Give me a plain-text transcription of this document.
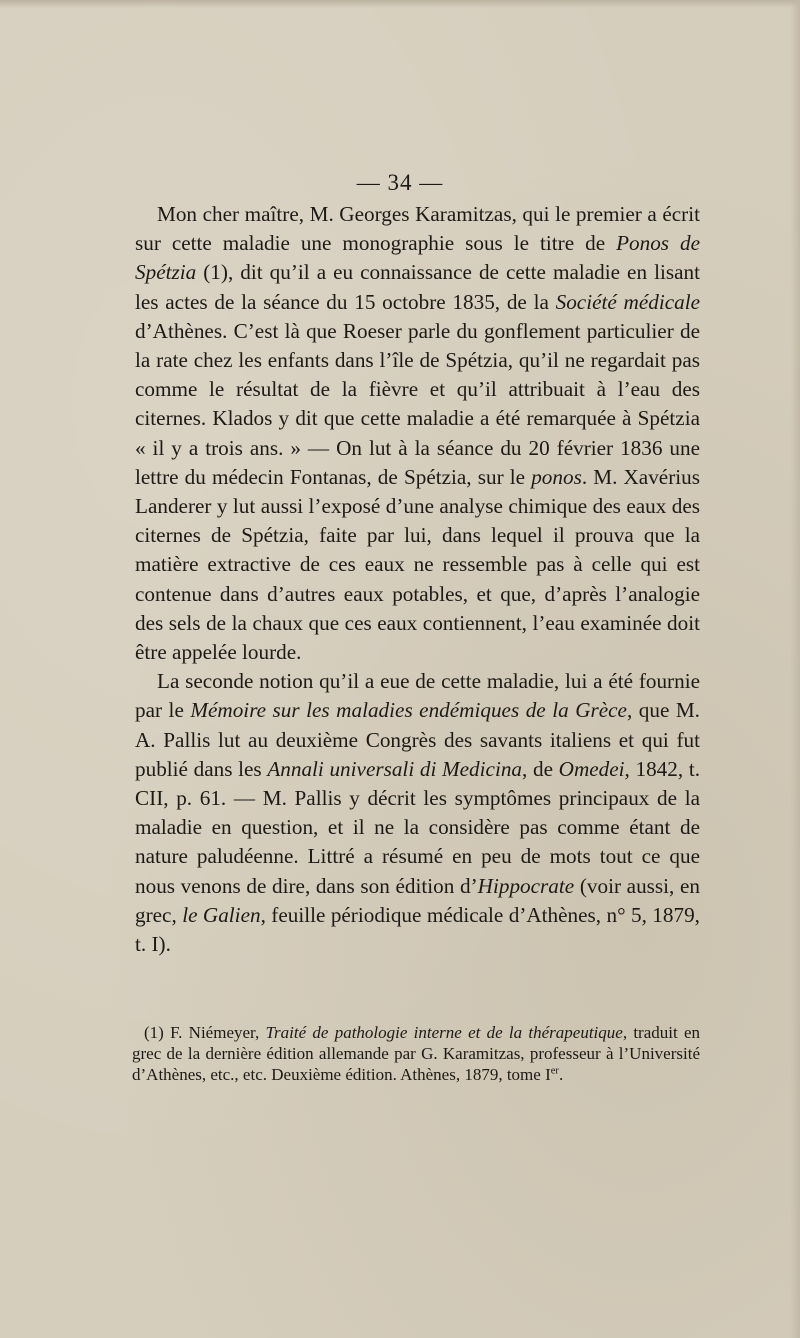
— 34 —

Mon cher maître, M. Georges Karamitzas, qui le premier a écrit sur cette maladie une monographie sous le titre de Ponos de Spétzia (1), dit qu’il a eu connaissance de cette maladie en lisant les actes de la séance du 15 octobre 1835, de la Société médicale d’Athènes. C’est là que Roeser parle du gonflement particulier de la rate chez les enfants dans l’île de Spétzia, qu’il ne regardait pas comme le résultat de la fièvre et qu’il attribuait à l’eau des citernes. Klados y dit que cette maladie a été remarquée à Spétzia « il y a trois ans. » — On lut à la séance du 20 février 1836 une lettre du médecin Fontanas, de Spétzia, sur le ponos. M. Xavérius Landerer y lut aussi l’exposé d’une analyse chimique des eaux des citernes de Spétzia, faite par lui, dans lequel il prouva que la matière extractive de ces eaux ne ressemble pas à celle qui est contenue dans d’autres eaux potables, et que, d’après l’analogie des sels de la chaux que ces eaux contiennent, l’eau examinée doit être appelée lourde.

La seconde notion qu’il a eue de cette maladie, lui a été fournie par le Mémoire sur les maladies endémiques de la Grèce, que M. A. Pallis lut au deuxième Congrès des savants italiens et qui fut publié dans les Annali universali di Medicina, de Omedei, 1842, t. CII, p. 61. — M. Pallis y décrit les symptômes principaux de la maladie en question, et il ne la considère pas comme étant de nature paludéenne. Littré a résumé en peu de mots tout ce que nous venons de dire, dans son édition d’Hippocrate (voir aussi, en grec, le Galien, feuille périodique médicale d’Athènes, n° 5, 1879, t. I).

(1) F. Niémeyer, Traité de pathologie interne et de la thérapeutique, traduit en grec de la dernière édition allemande par G. Karamitzas, professeur à l’Université d’Athènes, etc., etc. Deuxième édition. Athènes, 1879, tome Ier.
